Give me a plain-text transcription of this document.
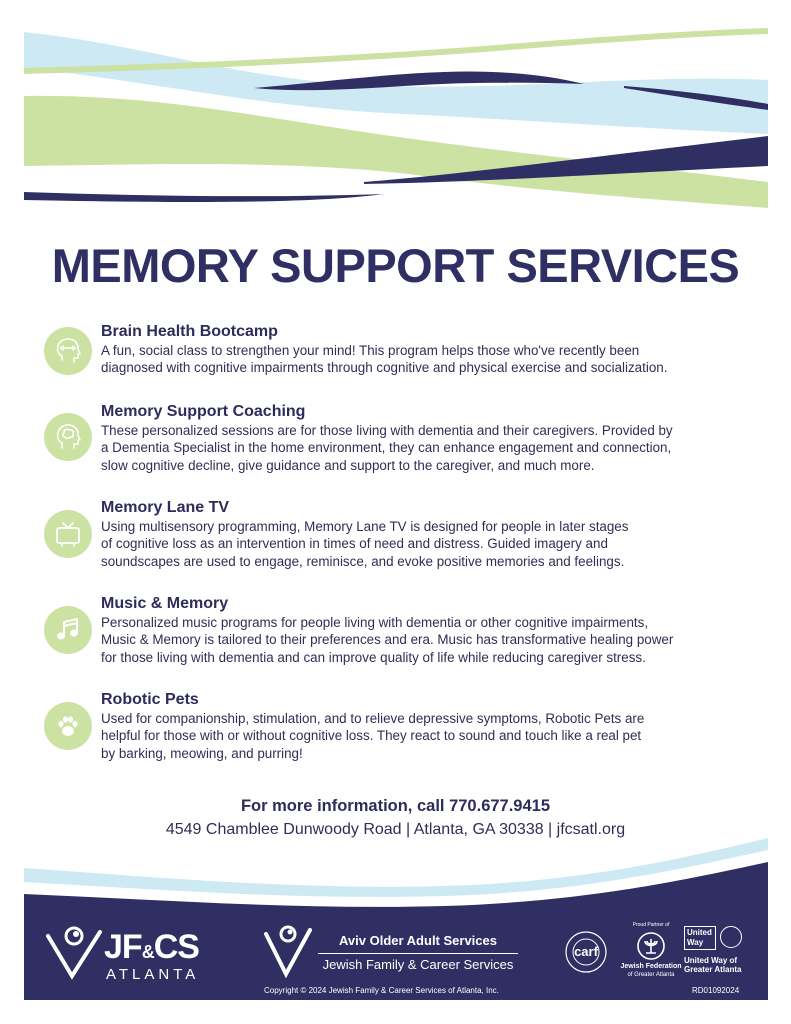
MEMORY SUPPORT SERVICES

Brain Health Bootcamp

A fun, social class to strengthen your mind! This program helps those who've recently been
diagnosed with cognitive impairments through cognitive and physical exercise and socialization.

Memory Support Coaching

These personalized sessions are for those living with dementia and their caregivers. Provided by
a Dementia Specialist in the home environment, they can enhance engagement and connection,
slow cognitive decline, give guidance and support to the caregiver, and much more.

Memory Lane TV

Using multisensory programming, Memory Lane TV is designed for people in later stages
of cognitive loss as an intervention in times of need and distress. Guided imagery and
soundscapes are used to engage, reminisce, and evoke positive memories and feelings.

Music & Memory

Personalized music programs for people living with dementia or other cognitive impairments,
Music & Memory is tailored to their preferences and era. Music has transformative healing power
for those living with dementia and can improve quality of life while reducing caregiver stress.

Robotic Pets

Used for companionship, stimulation, and to relieve depressive symptoms, Robotic Pets are
helpful for those with or without cognitive loss. They react to sound and touch like a real pet
by barking, meowing, and purring!

For more information, call 770.677.9415
4549 Chamblee Dunwoody Road | Atlanta, GA 30338 | jfcsatl.org
JF&CS
ATLANTA
Aviv Older Adult Services
Jewish Family & Career Services
Copyright © 2024 Jewish Family & Career Services of Atlanta, Inc.
carf
Proud Partner of
Jewish Federation
of Greater Atlanta
United
Way
United Way of
Greater Atlanta
RD01092024
